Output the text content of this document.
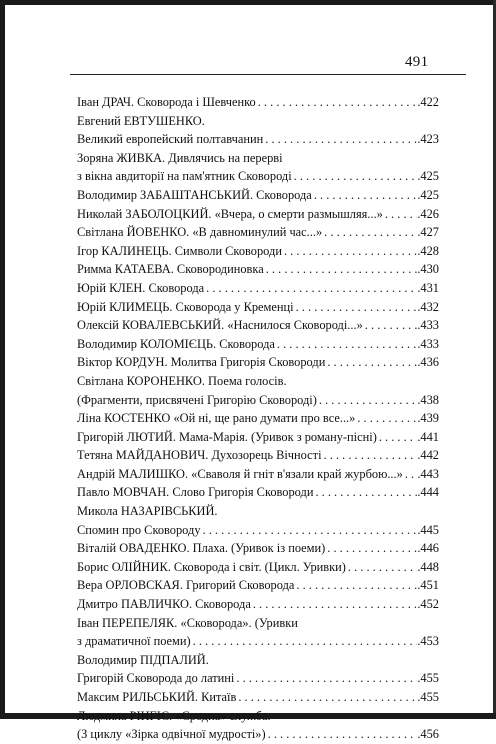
491
Іван ДРАЧ. Сковорода і Шевченко . . .	.422
Евгений ЕВТУШЕНКО.
Великий европейский полтавчанин . . .	.423
Зоряна ЖИВКА. Дивлячись на перерві
з вікна авдиторії на пам'ятник Сковороді . . .	.425
Володимир ЗАБАШТАНСЬКИЙ. Сковорода . . .	.425
Николай ЗАБОЛОЦКИЙ. «Вчера, о смерти размышляя...» . . .	.426
Світлана ЙОВЕНКО. «В давноминулий час...» . . .	.427
Ігор КАЛИНЕЦЬ. Символи Сковороди . . .	.428
Римма КАТАЕВА. Сковородиновка . . .	.430
Юрій КЛЕН. Сковорода . . .	.431
Юрій КЛИМЕЦЬ. Сковорода у Кременці . . .	.432
Олексій КОВАЛЕВСЬКИЙ. «Наснилося Сковороді...» . . .	.433
Володимир КОЛОМІЄЦЬ. Сковорода . . .	.433
Віктор КОРДУН. Молитва Григорія Сковороди . . .	.436
Світлана КОРОНЕНКО. Поема голосів.
(Фрагменти, присвячені Григорію Сковороді) . . .	.438
Ліна КОСТЕНКО «Ой ні, ще рано думати про все...» . . .	.439
Григорій ЛЮТИЙ. Мама-Марія. (Уривок з роману-пісні) . . .	.441
Тетяна МАЙДАНОВИЧ. Духозорець Вічності . . .	.442
Андрій МАЛИШКО. «Сваволя й гніт в'язали край журбою...» . . . .443
Павло МОВЧАН. Слово Григорія Сковороди . . .	.444
Микола НАЗАРІВСЬКИЙ.
Спомин про Сковороду . . .	.445
Віталій ОВАДЕНКО. Плаха. (Уривок із поеми) . . .	.446
Борис ОЛІЙНИК. Сковорода і світ. (Цикл. Уривки) . . .	.448
Вера ОРЛОВСКАЯ. Григорий Сковорода . . .	.451
Дмитро ПАВЛИЧКО. Сковорода . . .	.452
Іван ПЕРЕПЕЛЯК. «Сковорода». (Уривки
з драматичної поеми) . . .	.453
Володимир ПІДПАЛИЙ.
Григорій Сковорода до латині . . .	.455
Максим РИЛЬСЬКИЙ. Китаїв . . .	.455
Людмила РІНГІС. «Сродна» служба.
(З циклу «Зірка одвічної мудрості») . . .	.456
